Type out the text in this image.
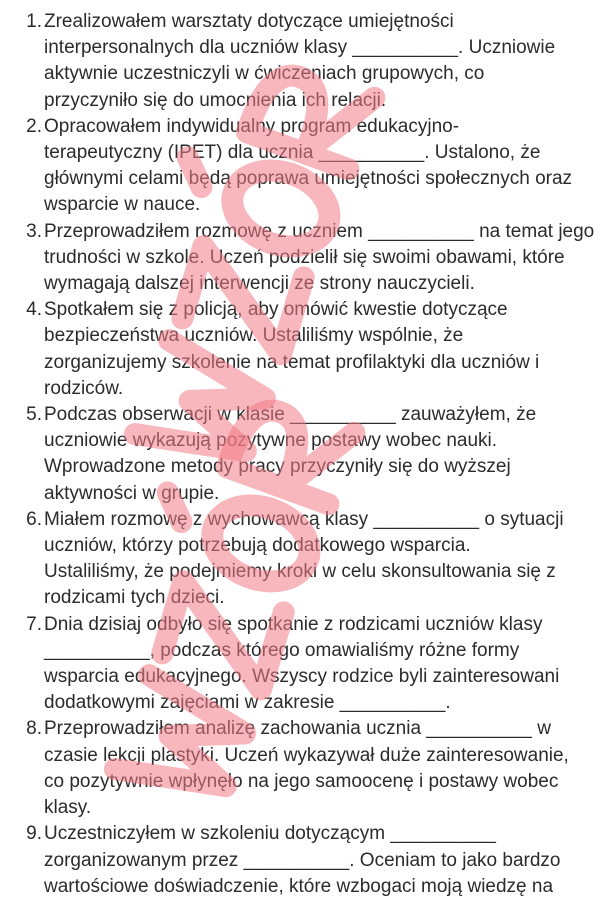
1. Zrealizowałem warsztaty dotyczące umiejętności
interpersonalnych dla uczniów klasy __________. Uczniowie
aktywnie uczestniczyli w ćwiczeniach grupowych, co
przyczyniło się do umocnienia ich relacji.
2. Opracowałem indywidualny program edukacyjno-
terapeutyczny (IPET) dla ucznia __________. Ustalono, że
głównymi celami będą poprawa umiejętności społecznych oraz
wsparcie w nauce.
3. Przeprowadziłem rozmowę z uczniem __________ na temat jego
trudności w szkole. Uczeń podzielił się swoimi obawami, które
wymagają dalszej interwencji ze strony nauczycieli.
4. Spotkałem się z policją, aby omówić kwestie dotyczące
bezpieczeństwa uczniów. Ustaliliśmy wspólnie, że
zorganizujemy szkolenie na temat profilaktyki dla uczniów i
rodziców.
5. Podczas obserwacji w klasie __________ zauważyłem, że
uczniowie wykazują pozytywne postawy wobec nauki.
Wprowadzone metody pracy przyczyniły się do wyższej
aktywności w grupie.
6. Miałem rozmowę z wychowawcą klasy __________ o sytuacji
uczniów, którzy potrzebują dodatkowego wsparcia.
Ustaliliśmy, że podejmiemy kroki w celu skonsultowania się z
rodzicami tych dzieci.
7. Dnia dzisiaj odbyło się spotkanie z rodzicami uczniów klasy
__________, podczas którego omawialiśmy różne formy
wsparcia edukacyjnego. Wszyscy rodzice byli zainteresowani
dodatkowymi zajęciami w zakresie __________.
8. Przeprowadziłem analizę zachowania ucznia __________ w
czasie lekcji plastyki. Uczeń wykazywał duże zainteresowanie,
co pozytywnie wpłynęło na jego samoocenę i postawy wobec
klasy.
9. Uczestniczyłem w szkoleniu dotyczącym __________
zorganizowanym przez __________. Oceniam to jako bardzo
wartościowe doświadczenie, które wzbogaci moją wiedzę na
